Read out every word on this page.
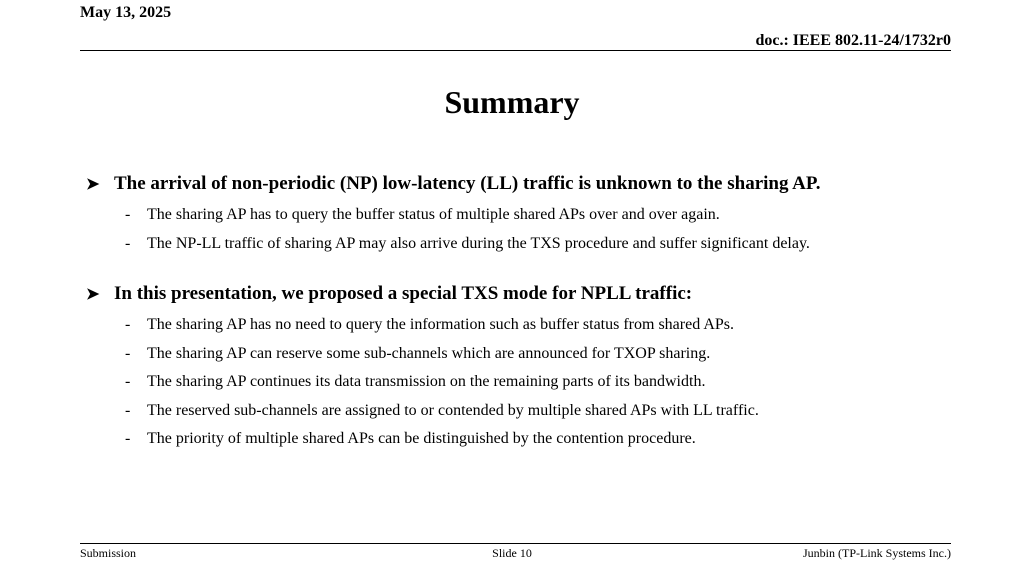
May 13, 2025
doc.: IEEE 802.11-24/1732r0
Summary
➤ The arrival of non-periodic (NP) low-latency (LL) traffic is unknown to the sharing AP.
-	The sharing AP has to query the buffer status of multiple shared APs over and over again.
-	The NP-LL traffic of sharing AP may also arrive during the TXS procedure and suffer significant delay.
➤ In this presentation, we proposed a special TXS mode for NPLL traffic:
-	The sharing AP has no need to query the information such as buffer status from shared APs.
-	The sharing AP can reserve some sub-channels which are announced for TXOP sharing.
-	The sharing AP continues its data transmission on the remaining parts of its bandwidth.
-	The reserved sub-channels are assigned to or contended by multiple shared APs with LL traffic.
-	The priority of multiple shared APs can be distinguished by the contention procedure.
Submission	Slide 10	Junbin (TP-Link Systems Inc.)
